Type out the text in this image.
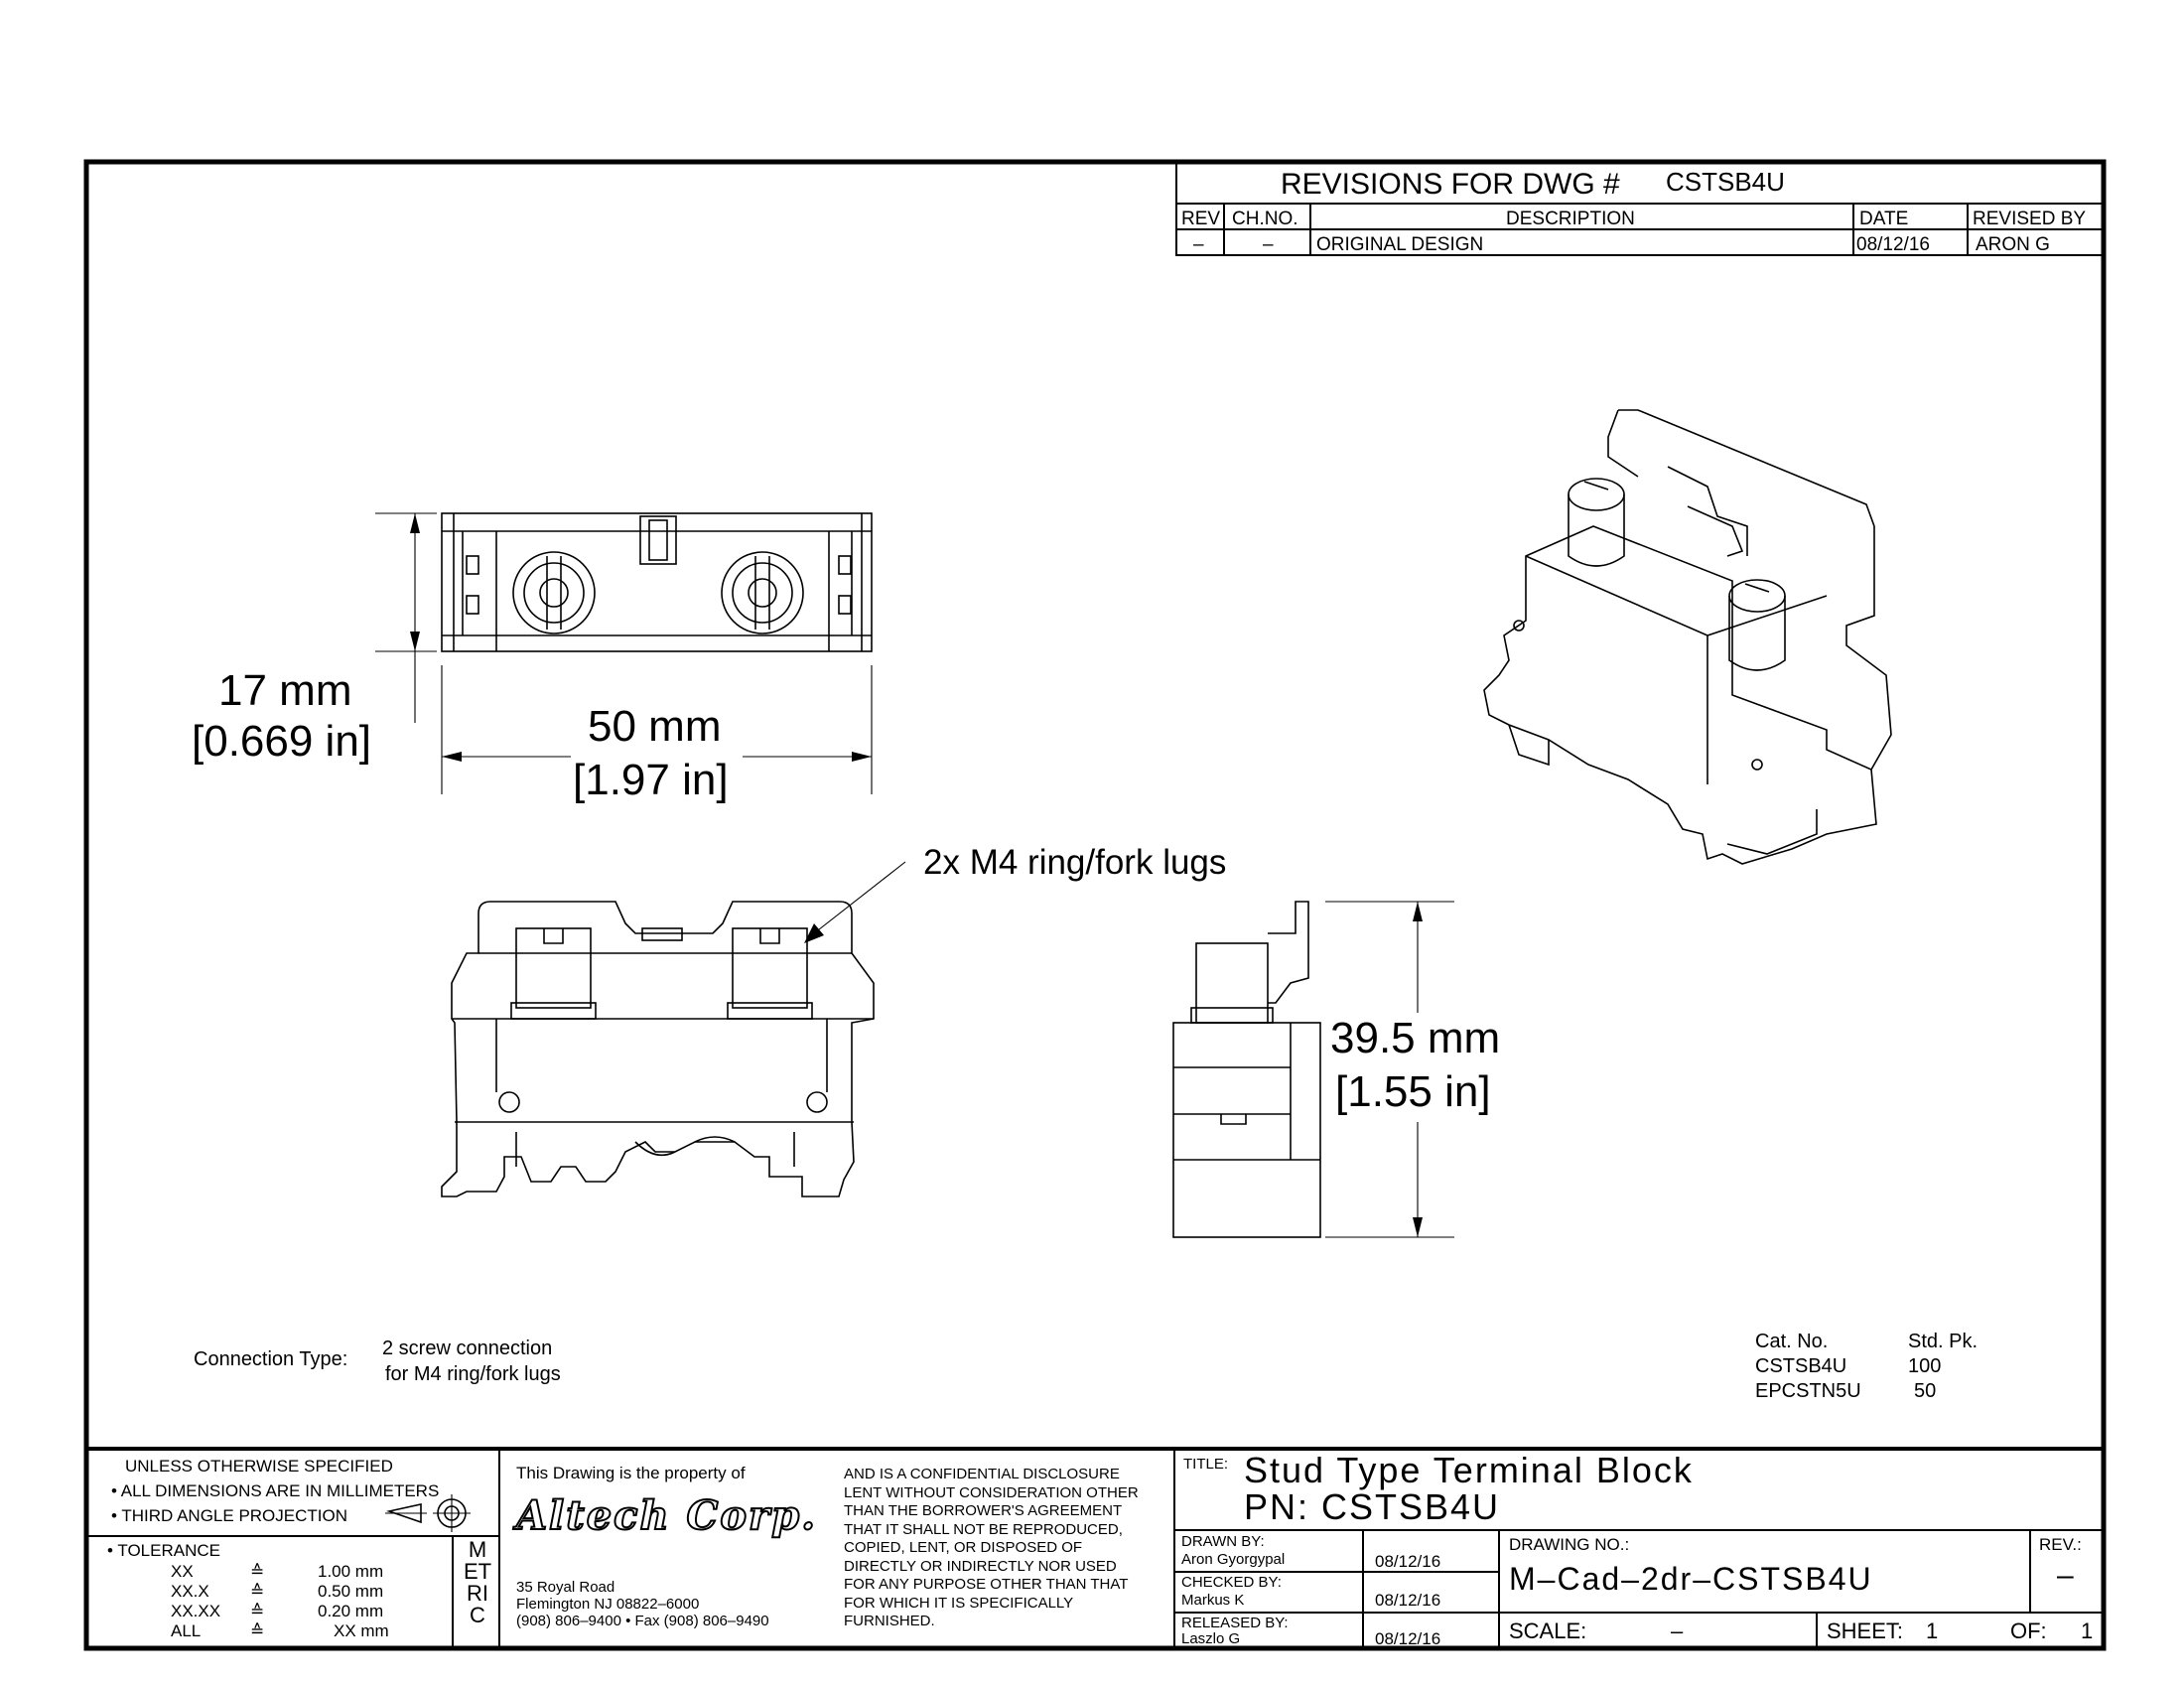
REVISIONS FOR DWG # CSTSB4U
REV CH.NO.	DESCRIPTION	DATE	REVISED BY
–	– ORIGINAL DESIGN	08/12/16 ARON G
17 mm
[0.669 in]	50 mm
[1.97 in]
2x M4 ring/fork lugs
39.5 mm
[1.55 in]
Connection Type: 2 screw connection
for M4 ring/fork lugs
Cat. No.	Std. Pk.
CSTSB4U	100
EPCSTN5U	50
UNLESS OTHERWISE SPECIFIED
• ALL DIMENSIONS ARE IN MILLIMETERS
• THIRD ANGLE PROJECTION
• TOLERANCE
XX	≙	1.00 mm
XX.X ≙	0.50 mm
XX.XX ≙	0.20 mm
ALL	≙	XX mm
METRIC
This Drawing is the property of
Altech Corp.
35 Royal Road
Flemington NJ 08822–6000
(908) 806–9400 • Fax (908) 806–9490
AND IS A CONFIDENTIAL DISCLOSURE
LENT WITHOUT CONSIDERATION OTHER
THAN THE BORROWER'S AGREEMENT
THAT IT SHALL NOT BE REPRODUCED,
COPIED, LENT, OR DISPOSED OF
DIRECTLY OR INDIRECTLY NOR USED
FOR ANY PURPOSE OTHER THAN THAT
FOR WHICH IT IS SPECIFICALLY
FURNISHED.
TITLE: Stud Type Terminal Block
PN: CSTSB4U
DRAWN BY:
Aron Gyorgypal	08/12/16
CHECKED BY:
Markus K	08/12/16
RELEASED BY:
Laszlo G	08/12/16
DRAWING NO.:
M–Cad–2dr–CSTSB4U
REV.:
–
SCALE:	–	SHEET: 1	OF: 1
